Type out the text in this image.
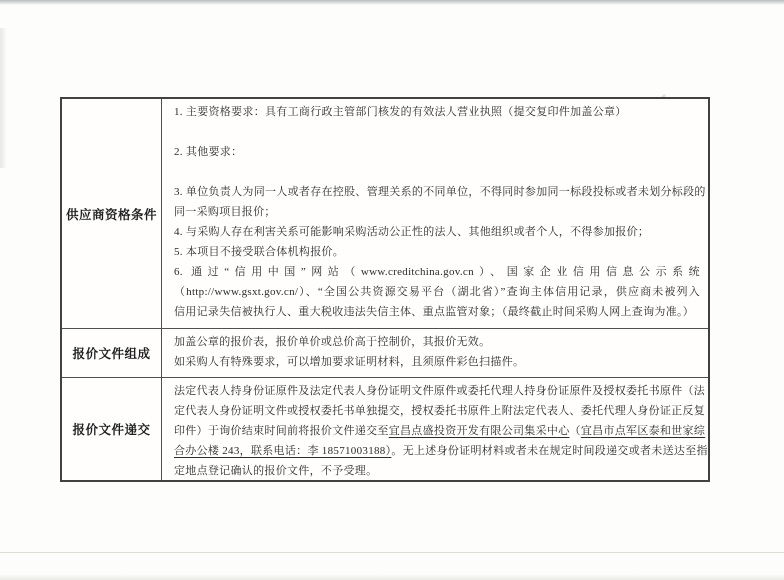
供应商资格条件
1. 主要资格要求：具有工商行政主管部门核发的有效法人营业执照（提交复印件加盖公章）
2. 其他要求：
3. 单位负责人为同一人或者存在控股、管理关系的不同单位，不得同时参加同一标段投标或者未划分标段的
同一采购项目报价；
4. 与采购人存在利害关系可能影响采购活动公正性的法人、其他组织或者个人，不得参加报价；
5. 本项目不接受联合体机构报价。
6. 通过“信用中国”网站（www.creditchina.gov.cn）、国家企业信用信息公示系统
（http://www.gsxt.gov.cn/）、“全国公共资源交易平台（湖北省）”查询主体信用记录，供应商未被列入
信用记录失信被执行人、重大税收违法失信主体、重点监管对象；（最终截止时间采购人网上查询为准。）
报价文件组成
加盖公章的报价表，报价单价或总价高于控制价，其报价无效。
如采购人有特殊要求，可以增加要求证明材料，且须原件彩色扫描件。
报价文件递交
法定代表人持身份证原件及法定代表人身份证明文件原件或委托代理人持身份证原件及授权委托书原件（法
定代表人身份证明文件或授权委托书单独提交，授权委托书原件上附法定代表人、委托代理人身份证正反复
印件）于询价结束时间前将报价文件递交至宜昌点盛投资开发有限公司集采中心（宜昌市点军区泰和世家综
合办公楼 243，联系电话：李 18571003188）。无上述身份证明材料或者未在规定时间段递交或者未送达至指
定地点登记确认的报价文件，不予受理。
